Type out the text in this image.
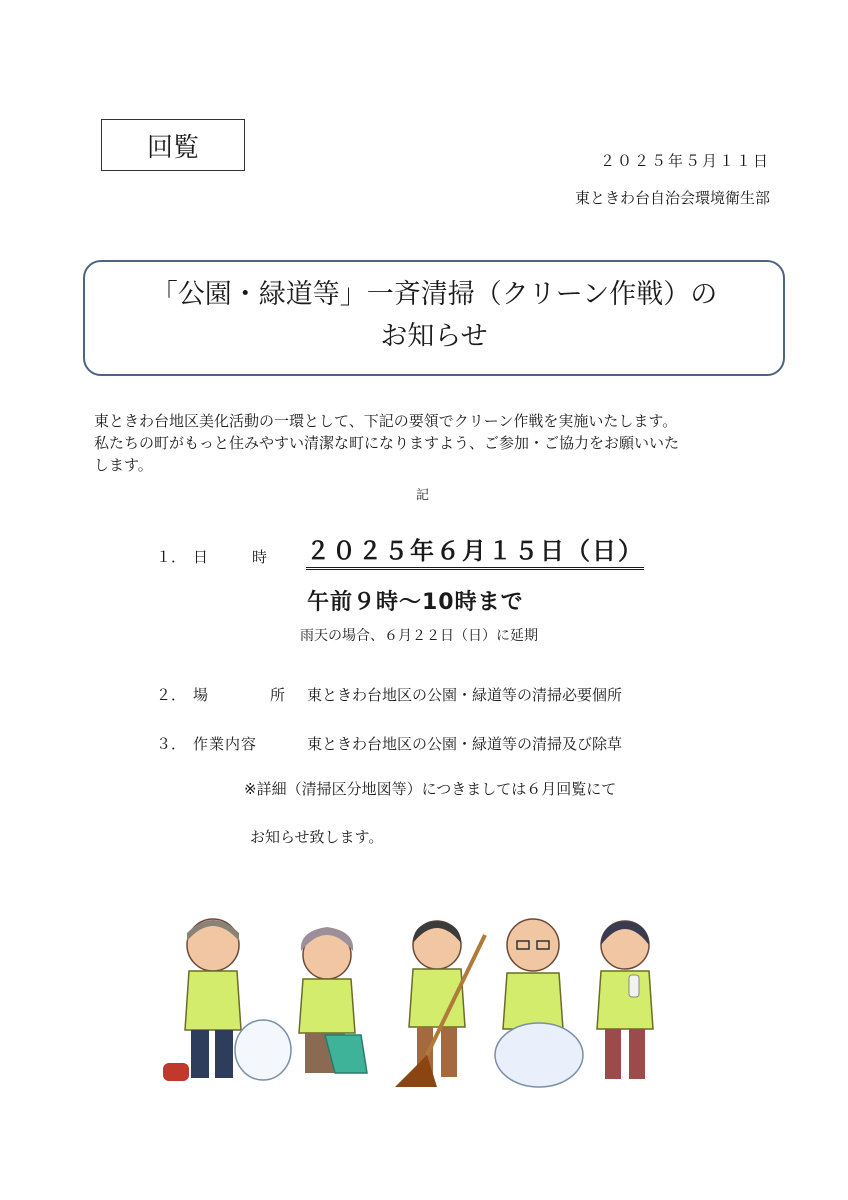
回覧	２０２５年５月１１日
東ときわ台自治会環境衛生部
「公園・緑道等」一斉清掃（クリーン作戦）の
お知らせ
東ときわ台地区美化活動の一環として、下記の要領でクリーン作戦を実施いたします。
私たちの町がもっと住みやすい清潔な町になりますよう、ご参加・ご協力をお願いいた
します。
記
１． 日	時 ２０２５年６月１５日（日）
午前９時～10時まで
雨天の場合、６月２２日（日）に延期
２． 場	所 東ときわ台地区の公園・緑道等の清掃必要個所
３． 作業内容	東ときわ台地区の公園・緑道等の清掃及び除草
※詳細（清掃区分地図等）につきましては６月回覧にて
お知らせ致します。
